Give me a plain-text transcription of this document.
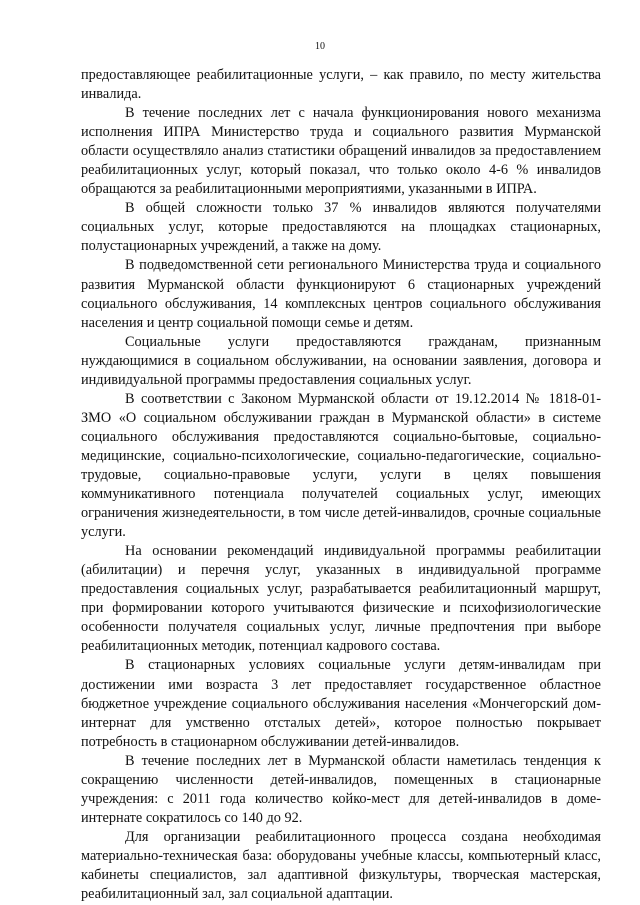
10

предоставляющее реабилитационные услуги, – как правило, по месту жительства инвалида.

В течение последних лет с начала функционирования нового механизма исполнения ИПРА Министерство труда и социального развития Мурманской области осуществляло анализ статистики обращений инвалидов за предоставлением реабилитационных услуг, который показал, что только около 4-6 % инвалидов обращаются за реабилитационными мероприятиями, указанными в ИПРА.

В общей сложности только 37 % инвалидов являются получателями социальных услуг, которые предоставляются на площадках стационарных, полустационарных учреждений, а также на дому.

В подведомственной сети регионального Министерства труда и социального развития Мурманской области функционируют 6 стационарных учреждений социального обслуживания, 14 комплексных центров социального обслуживания населения и центр социальной помощи семье и детям.

Социальные услуги предоставляются гражданам, признанным нуждающимися в социальном обслуживании, на основании заявления, договора и индивидуальной программы предоставления социальных услуг.

В соответствии с Законом Мурманской области от 19.12.2014 № 1818-01-ЗМО «О социальном обслуживании граждан в Мурманской области» в системе социального обслуживания предоставляются социально-бытовые, социально-медицинские, социально-психологические, социально-педагогические, социально-трудовые, социально-правовые услуги, услуги в целях повышения коммуникативного потенциала получателей социальных услуг, имеющих ограничения жизнедеятельности, в том числе детей-инвалидов, срочные социальные услуги.

На основании рекомендаций индивидуальной программы реабилитации (абилитации) и перечня услуг, указанных в индивидуальной программе предоставления социальных услуг, разрабатывается реабилитационный маршрут, при формировании которого учитываются физические и психофизиологические особенности получателя социальных услуг, личные предпочтения при выборе реабилитационных методик, потенциал кадрового состава.

В стационарных условиях социальные услуги детям-инвалидам при достижении ими возраста 3 лет предоставляет государственное областное бюджетное учреждение социального обслуживания населения «Мончегорский дом-интернат для умственно отсталых детей», которое полностью покрывает потребность в стационарном обслуживании детей-инвалидов.

В течение последних лет в Мурманской области наметилась тенденция к сокращению численности детей-инвалидов, помещенных в стационарные учреждения: с 2011 года количество койко-мест для детей-инвалидов в доме-интернате сократилось со 140 до 92.

Для организации реабилитационного процесса создана необходимая материально-техническая база: оборудованы учебные классы, компьютерный класс, кабинеты специалистов, зал адаптивной физкультуры, творческая мастерская, реабилитационный зал, зал социальной адаптации.
